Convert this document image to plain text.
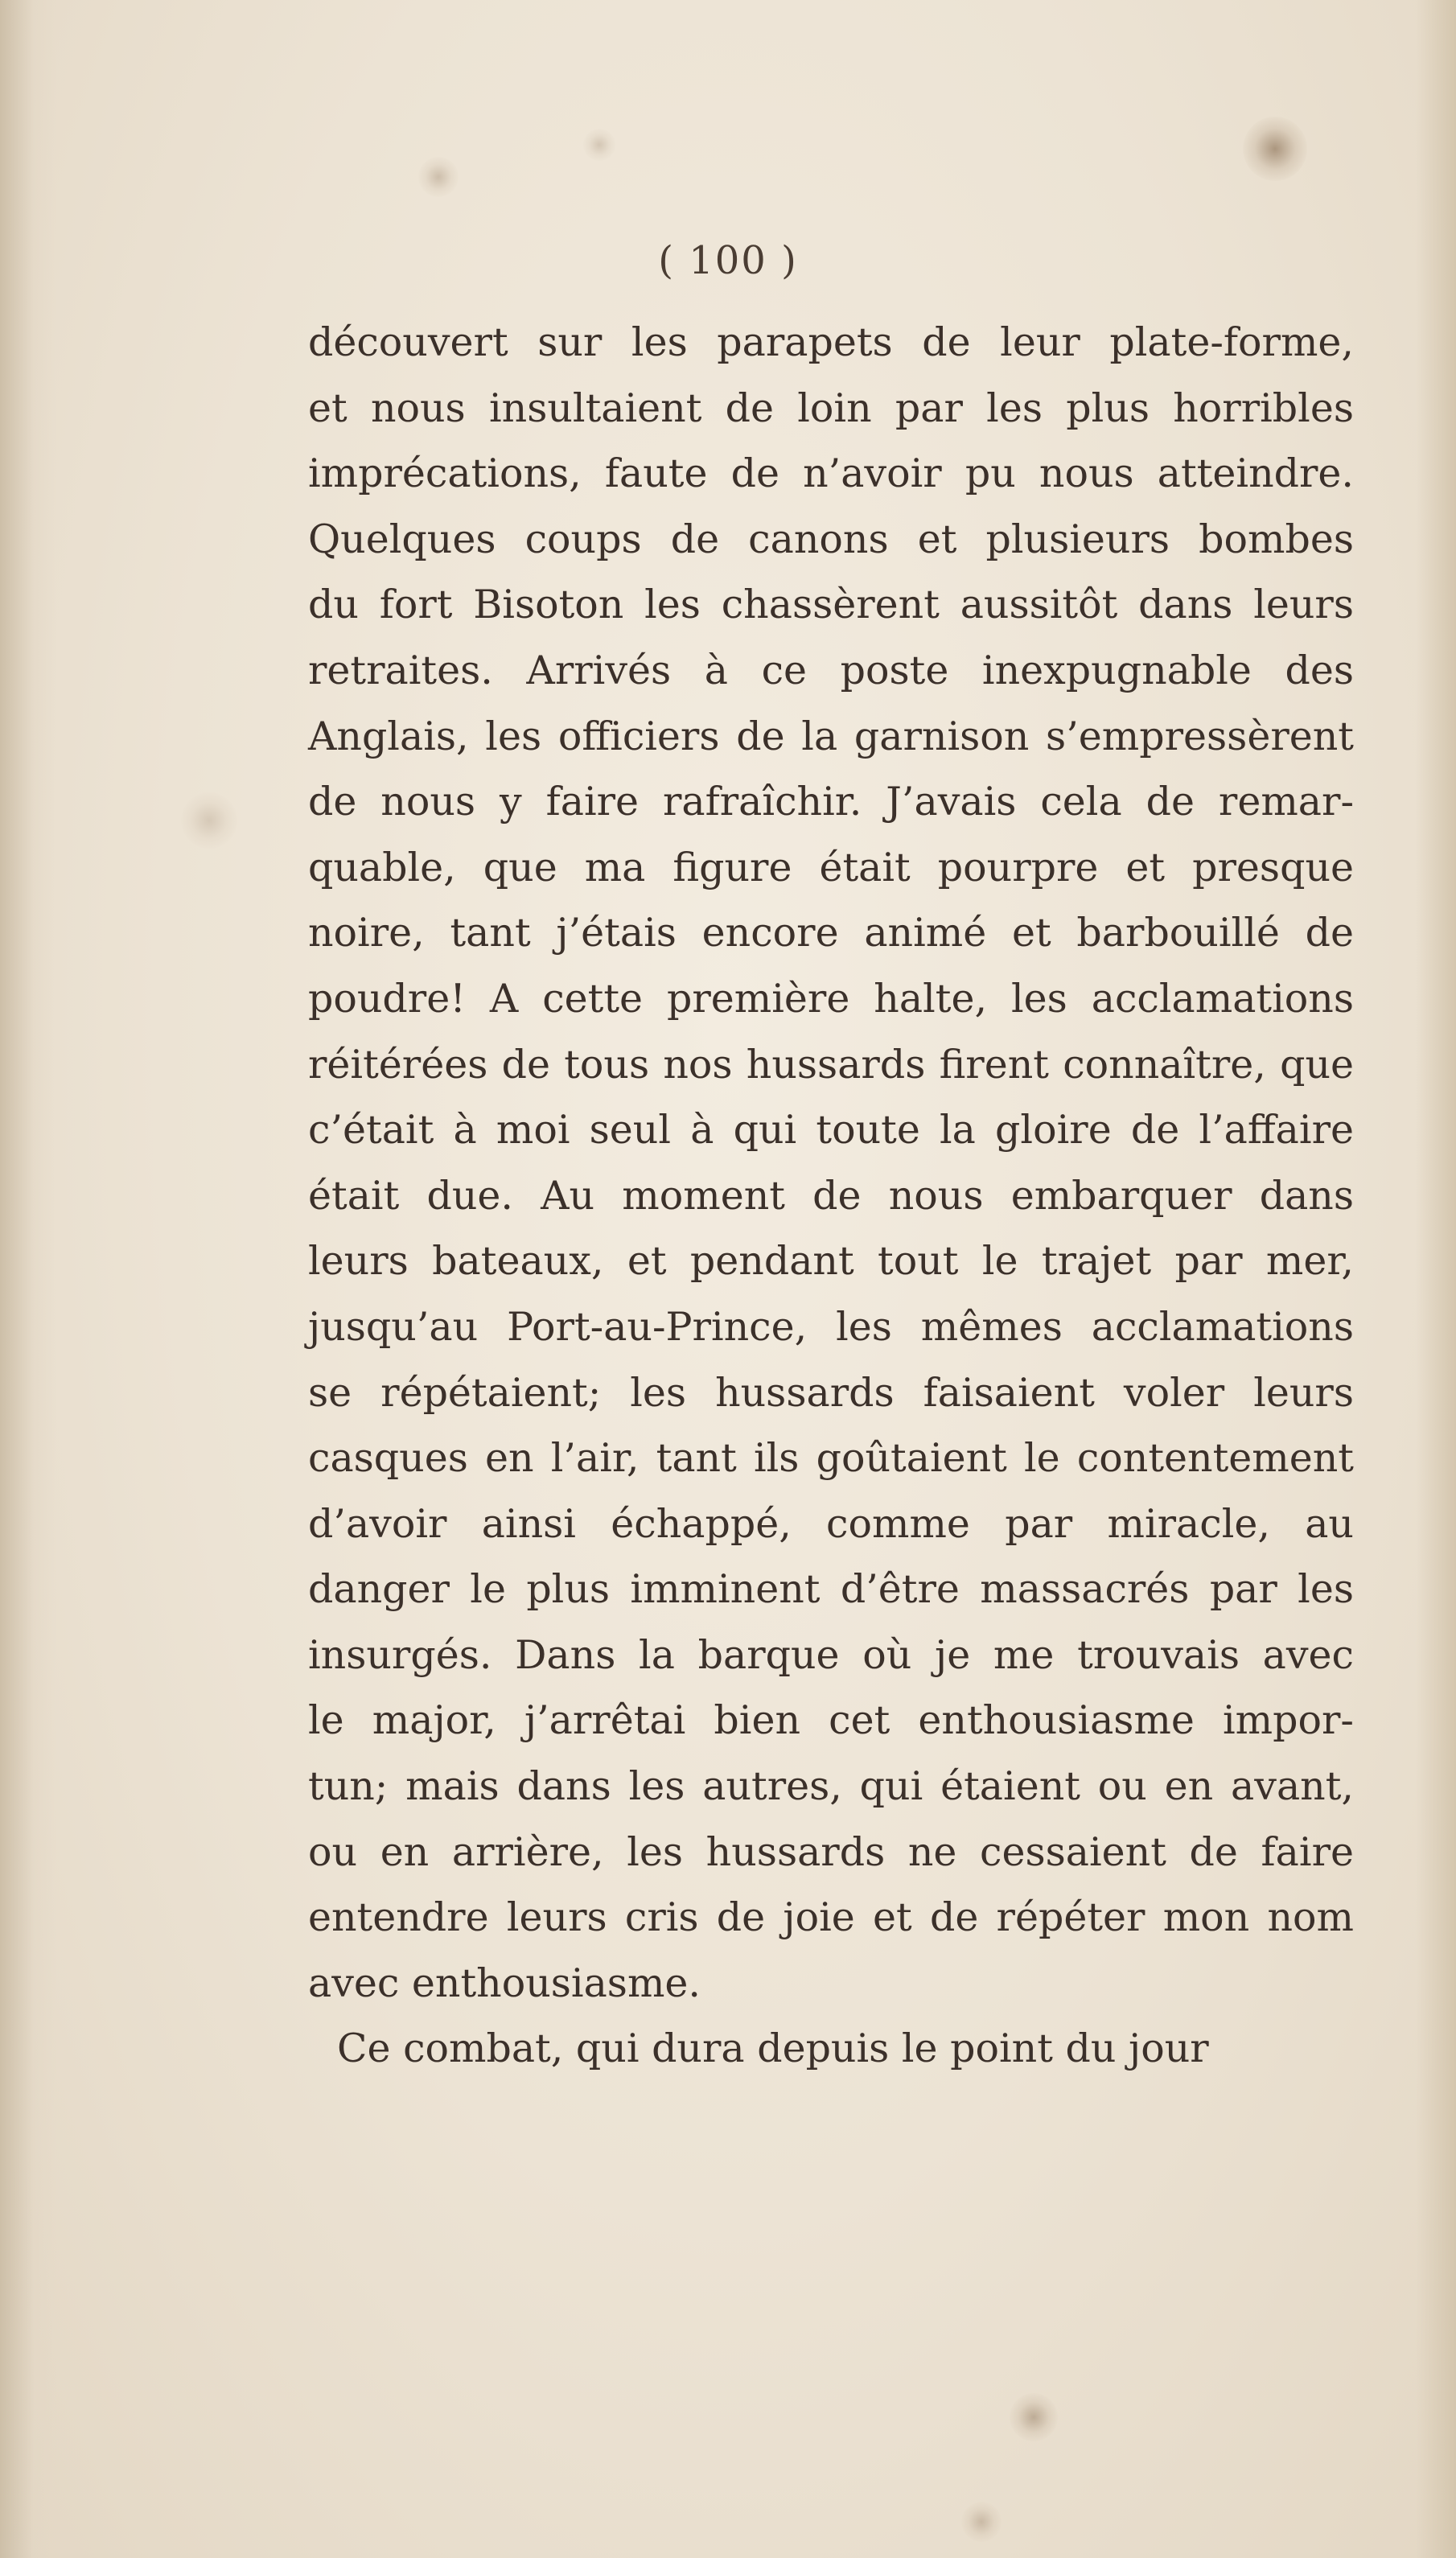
( 100 )
découvert sur les parapets de leur plate-forme,
et nous insultaient de loin par les plus horribles
imprécations, faute de n’avoir pu nous atteindre.
Quelques coups de canons et plusieurs bombes
du fort Bisoton les chassèrent aussitôt dans leurs
retraites. Arrivés à ce poste inexpugnable des
Anglais, les officiers de la garnison s’empressèrent
de nous y faire rafraîchir. J’avais cela de remar-
quable, que ma figure était pourpre et presque
noire, tant j’étais encore animé et barbouillé de
poudre! A cette première halte, les acclamations
réitérées de tous nos hussards firent connaître, que
c’était à moi seul à qui toute la gloire de l’affaire
était due. Au moment de nous embarquer dans
leurs bateaux, et pendant tout le trajet par mer,
jusqu’au Port-au-Prince, les mêmes acclamations
se répétaient; les hussards faisaient voler leurs
casques en l’air, tant ils goûtaient le contentement
d’avoir ainsi échappé, comme par miracle, au
danger le plus imminent d’être massacrés par les
insurgés. Dans la barque où je me trouvais avec
le major, j’arrêtai bien cet enthousiasme impor-
tun; mais dans les autres, qui étaient ou en avant,
ou en arrière, les hussards ne cessaient de faire
entendre leurs cris de joie et de répéter mon nom
avec enthousiasme.
Ce combat, qui dura depuis le point du jour
